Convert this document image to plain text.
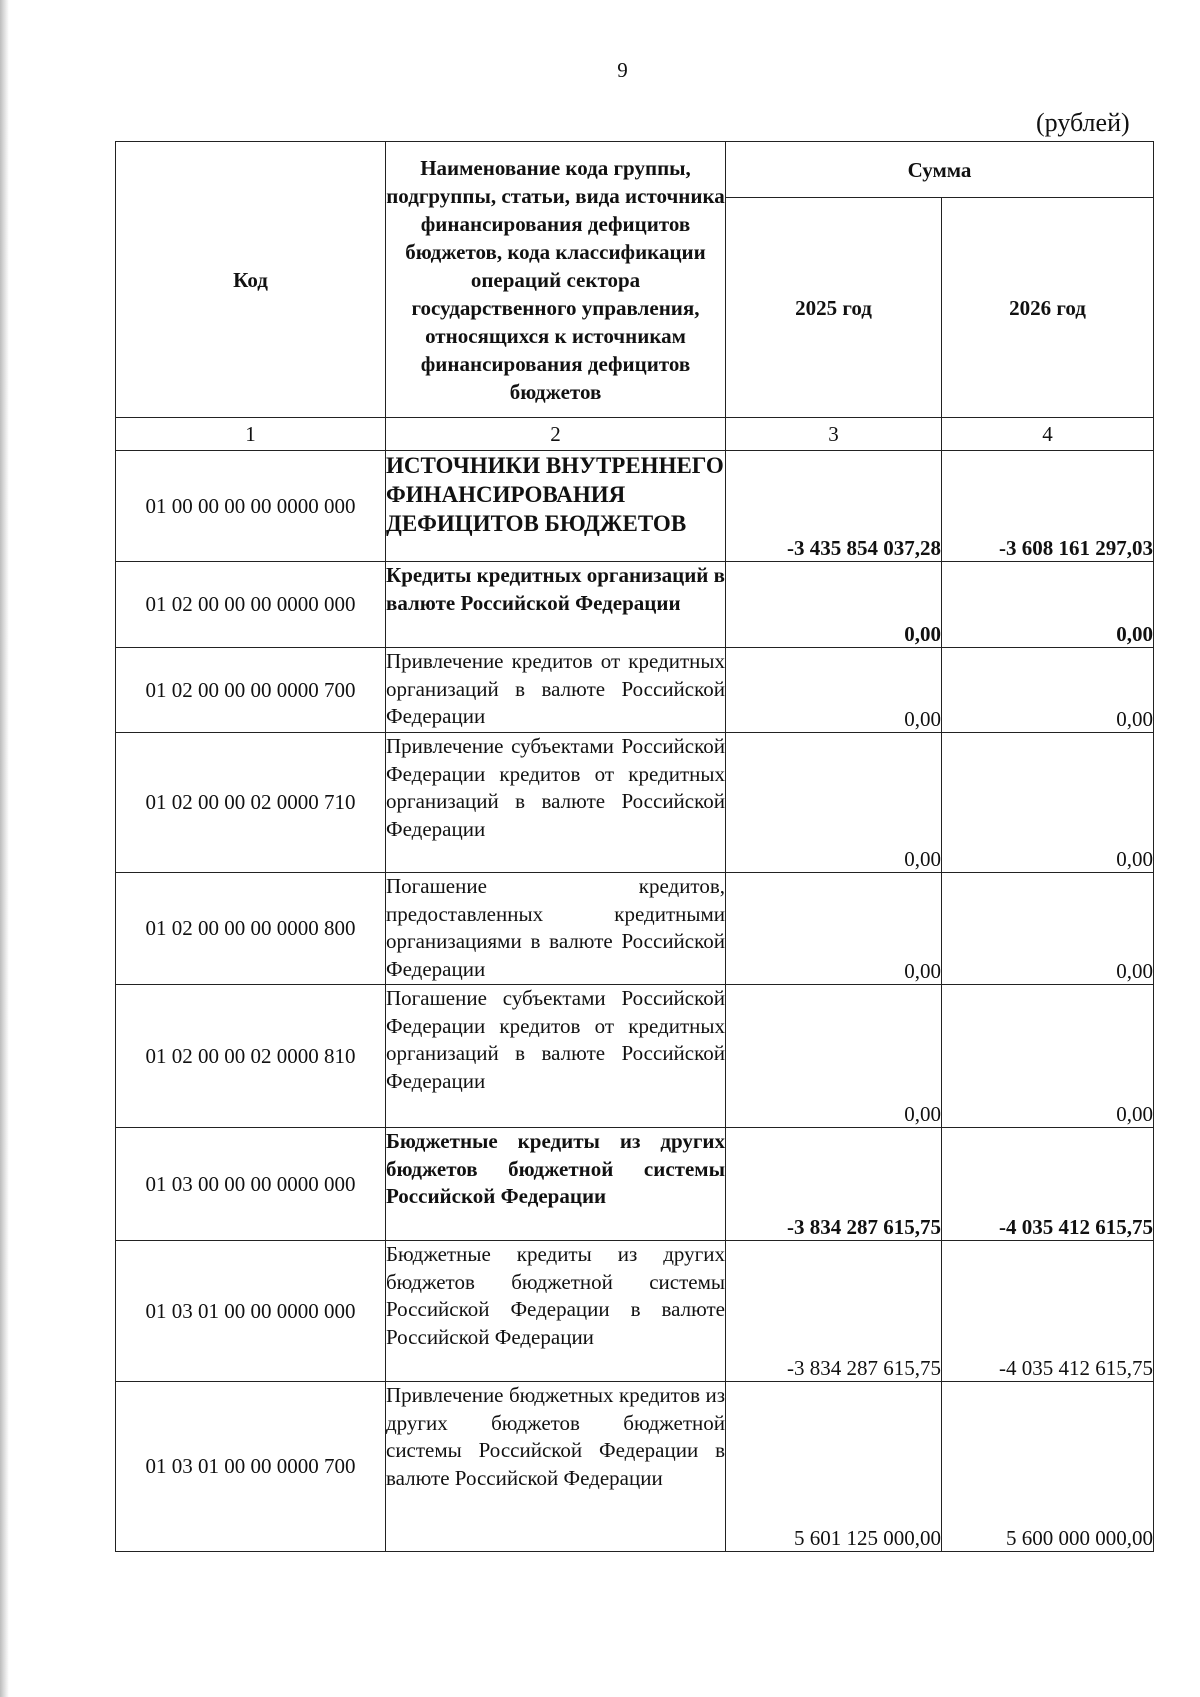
9
(рублей)
Код	Наименование кода группы, подгруппы, статьи, вида источника финансирования дефицитов бюджетов, кода классификации операций сектора государственного управления, относящихся к источникам финансирования дефицитов бюджетов	Сумма	
		2025 год	2026 год
1	2	3	4
01 00 00 00 00 0000 000	ИСТОЧНИКИ ВНУТРЕННЕГО ФИНАНСИРОВАНИЯ ДЕФИЦИТОВ БЮДЖЕТОВ	-3 435 854 037,28	-3 608 161 297,03
01 02 00 00 00 0000 000	Кредиты кредитных организаций в валюте Российской Федерации	0,00	0,00
01 02 00 00 00 0000 700	Привлечение кредитов от кредитных организаций в валюте Российской Федерации	0,00	0,00
01 02 00 00 02 0000 710	Привлечение субъектами Российской Федерации кредитов от кредитных организаций в валюте Российской Федерации	0,00	0,00
01 02 00 00 00 0000 800	Погашение кредитов, предоставленных кредитными организациями в валюте Российской Федерации	0,00	0,00
01 02 00 00 02 0000 810	Погашение субъектами Российской Федерации кредитов от кредитных организаций в валюте Российской Федерации	0,00	0,00
01 03 00 00 00 0000 000	Бюджетные кредиты из других бюджетов бюджетной системы Российской Федерации	-3 834 287 615,75	-4 035 412 615,75
01 03 01 00 00 0000 000	Бюджетные кредиты из других бюджетов бюджетной системы Российской Федерации в валюте Российской Федерации	-3 834 287 615,75	-4 035 412 615,75
01 03 01 00 00 0000 700	Привлечение бюджетных кредитов из других бюджетов бюджетной системы Российской Федерации в валюте Российской Федерации	5 601 125 000,00	5 600 000 000,00
